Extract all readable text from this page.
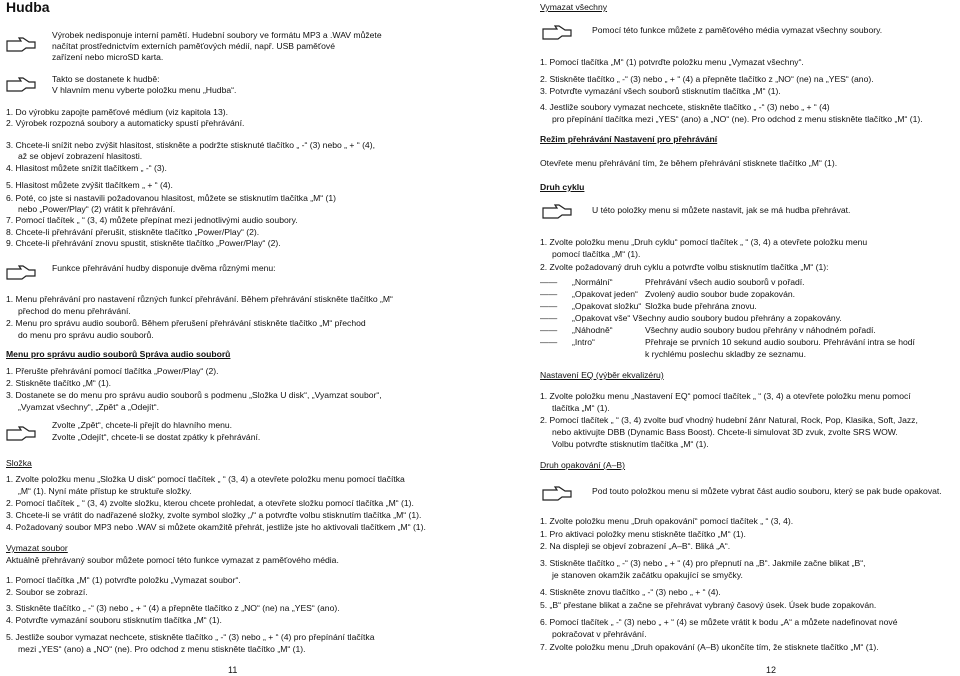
Hudba
Výrobek nedisponuje interní pamětí. Hudební soubory ve formátu MP3 a .WAV můžete
načítat prostřednictvím externích paměťových médií, např. USB paměťové
zařízení nebo microSD karta.
Takto se dostanete k hudbě:
V hlavním menu vyberte položku menu „Hudba“.
1. Do výrobku zapojte paměťové médium (viz kapitola 13).
2. Výrobek rozpozná soubory a automaticky spustí přehrávání.
3. Chcete-li snížit nebo zvýšit hlasitost, stiskněte a podržte stisknuté tlačítko „ -“ (3) nebo „ + “ (4),
až se objeví zobrazení hlasitosti.
4. Hlasitost můžete snížit tlačítkem „ -“ (3).
5. Hlasitost můžete zvýšit tlačítkem „ + “ (4).
6. Poté, co jste si nastavili požadovanou hlasitost, můžete se stisknutím tlačítka „M“ (1)
nebo „Power/Play“ (2) vrátit k přehrávání.
7. Pomocí tlačítek „ “ (3, 4) můžete přepínat mezi jednotlivými audio soubory.
8. Chcete-li přehrávání přerušit, stiskněte tlačítko „Power/Play“ (2).
9. Chcete-li přehrávání znovu spustit, stiskněte tlačítko „Power/Play“ (2).
Funkce přehrávání hudby disponuje dvěma různými menu:
1. Menu přehrávání pro nastavení různých funkcí přehrávání. Během přehrávání stiskněte tlačítko „M“
přechod do menu přehrávání.
2. Menu pro správu audio souborů. Během přerušení přehrávání stiskněte tlačítko „M“ přechod
do menu pro správu audio souborů.
Menu pro správu audio souborů Správa audio souborů
1. Přerušte přehrávání pomocí tlačítka „Power/Play“ (2).
2. Stiskněte tlačítko „M“ (1).
3. Dostanete se do menu pro správu audio souborů s podmenu „Složka U disk“, „Vyamzat soubor“,
„Vyamzat všechny“, „Zpět“ a „Odejít“.
Zvolte „Zpět“, chcete-li přejít do hlavního menu.
Zvolte „Odejít“, chcete-li se dostat zpátky k přehrávání.
Složka
1. Zvolte položku menu „Složka U disk“ pomocí tlačítek „ “ (3, 4) a otevřete položku menu pomocí tlačítka
„M“ (1). Nyní máte přístup ke struktuře složky.
2. Pomocí tlačítek „ “ (3, 4) zvolte složku, kterou chcete prohledat, a otevřete složku pomocí tlačítka „M“ (1).
3. Chcete-li se vrátit do nadřazené složky, zvolte symbol složky „/“ a potvrďte volbu stisknutím tlačítka „M“ (1).
4. Požadovaný soubor MP3 nebo .WAV si můžete okamžitě přehrát, jestliže jste ho aktivovali tlačítkem „M“ (1).
Vymazat soubor
Aktuálně přehrávaný soubor můžete pomocí této funkce vymazat z paměťového média.
1. Pomocí tlačítka „M“ (1) potvrďte položku „Vymazat soubor“.
2. Soubor se zobrazí.
3. Stiskněte tlačítko „ -“ (3) nebo „ + “ (4) a přepněte tlačítko z „NO“ (ne) na „YES“ (ano).
4. Potvrďte vymazání souboru stisknutím tlačítka „M“ (1).
5. Jestliže soubor vymazat nechcete, stiskněte tlačítko „ -“ (3) nebo „ + “ (4) pro přepínání tlačítka
mezi „YES“ (ano) a „NO“ (ne). Pro odchod z menu stiskněte tlačítko „M“ (1).
11
Vymazat všechny
Pomocí této funkce můžete z paměťového média vymazat všechny soubory.
1. Pomocí tlačítka „M“ (1) potvrďte položku menu „Vymazat všechny“.
2. Stiskněte tlačítko „ -“ (3) nebo „ + “ (4) a přepněte tlačítko z „NO“ (ne) na „YES“ (ano).
3. Potvrďte vymazání všech souborů stisknutím tlačítka „M“ (1).
4. Jestliže soubory vymazat nechcete, stiskněte tlačítko „ -“ (3) nebo „ + “ (4)
pro přepínání tlačítka mezi „YES“ (ano) a „NO“ (ne). Pro odchod z menu stiskněte tlačítko „M“ (1).
Režim přehrávání Nastavení pro přehrávání
Otevřete menu přehrávání tím, že během přehrávání stisknete tlačítko „M“ (1).
Druh cyklu
U této položky menu si můžete nastavit, jak se má hudba přehrávat.
1. Zvolte položku menu „Druh cyklu“ pomocí tlačítek „ “ (3, 4) a otevřete položku menu
pomocí tlačítka „M“ (1).
2. Zvolte požadovaný druh cyklu a potvrďte volbu stisknutím tlačítka „M“ (1):
—— „Normální“	Přehrávání všech audio souborů v pořadí.
—— „Opakovat jeden“ Zvolený audio soubor bude zopakován.
—— „Opakovat složku“ Složka bude přehrána znovu.
—— „Opakovat vše“ Všechny audio soubory budou přehrány a zopakovány.
—— „Náhodně“	Všechny audio soubory budou přehrány v náhodném pořadí.
—— „Intro“	Přehraje se prvních 10 sekund audio souboru. Přehrávání intra se hodí
k rychlému poslechu skladby ze seznamu.
Nastavení EQ (výběr ekvalizéru)
1. Zvolte položku menu „Nastavení EQ“ pomocí tlačítek „ “ (3, 4) a otevřete položku menu pomocí
tlačítka „M“ (1).
2. Pomocí tlačítek „ “ (3, 4) zvolte buď vhodný hudební žánr Natural, Rock, Pop, Klasika, Soft, Jazz,
nebo aktivujte DBB (Dynamic Bass Boost). Chcete-li simulovat 3D zvuk, zvolte SRS WOW.
Volbu potvrďte stisknutím tlačítka „M“ (1).
Druh opakování (A–B)
Pod touto položkou menu si můžete vybrat část audio souboru, který se pak bude opakovat.
1. Zvolte položku menu „Druh opakování“ pomocí tlačítek „ “ (3, 4).
1. Pro aktivaci položky menu stiskněte tlačítko „M“ (1).
2. Na displeji se objeví zobrazení „A–B“. Bliká „A“.
3. Stiskněte tlačítko „ -“ (3) nebo „ + “ (4) pro přepnutí na „B“. Jakmile začne blikat „B“,
je stanoven okamžik začátku opakující se smyčky.
4. Stiskněte znovu tlačítko „ -“ (3) nebo „ + “ (4).
5. „B“ přestane blikat a začne se přehrávat vybraný časový úsek. Úsek bude zopakován.
6. Pomocí tlačítek „ -“ (3) nebo „ + “ (4) se můžete vrátit k bodu „A“ a můžete nadefinovat nové
pokračovat v přehrávání.
7. Zvolte položku menu „Druh opakování (A–B) ukončíte tím, že stisknete tlačítko „M“ (1).
12
